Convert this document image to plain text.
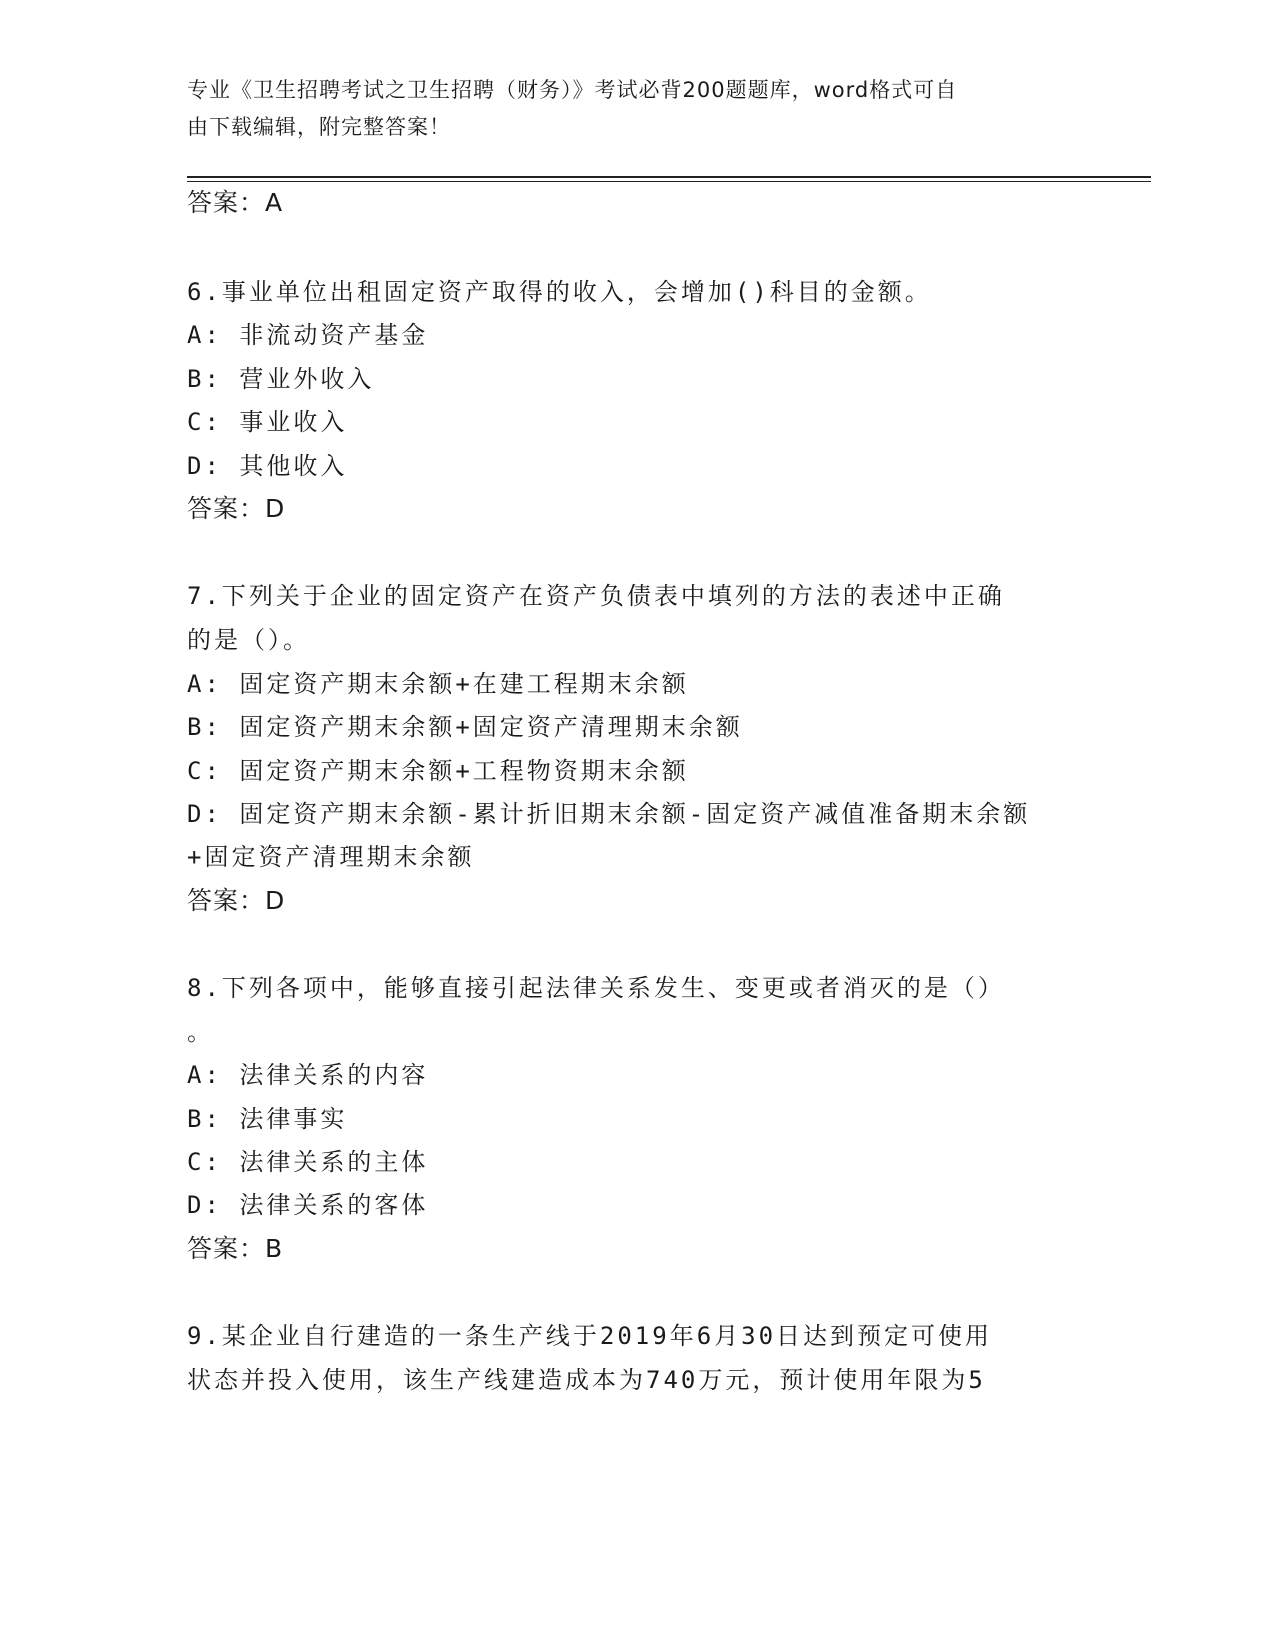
专业《卫生招聘考试之卫生招聘（财务）》考试必背200题题库，word格式可自
由下载编辑，附完整答案！
答案：A
6.事业单位出租固定资产取得的收入，会增加()科目的金额。
A: 非流动资产基金
B: 营业外收入
C: 事业收入
D: 其他收入
答案：D
7.下列关于企业的固定资产在资产负债表中填列的方法的表述中正确
的是（）。
A: 固定资产期末余额+在建工程期末余额
B: 固定资产期末余额+固定资产清理期末余额
C: 固定资产期末余额+工程物资期末余额
D: 固定资产期末余额-累计折旧期末余额-固定资产减值准备期末余额
+固定资产清理期末余额
答案：D
8.下列各项中，能够直接引起法律关系发生、变更或者消灭的是（）
。
A: 法律关系的内容
B: 法律事实
C: 法律关系的主体
D: 法律关系的客体
答案：B
9.某企业自行建造的一条生产线于2019年6月30日达到预定可使用
状态并投入使用，该生产线建造成本为740万元，预计使用年限为5
